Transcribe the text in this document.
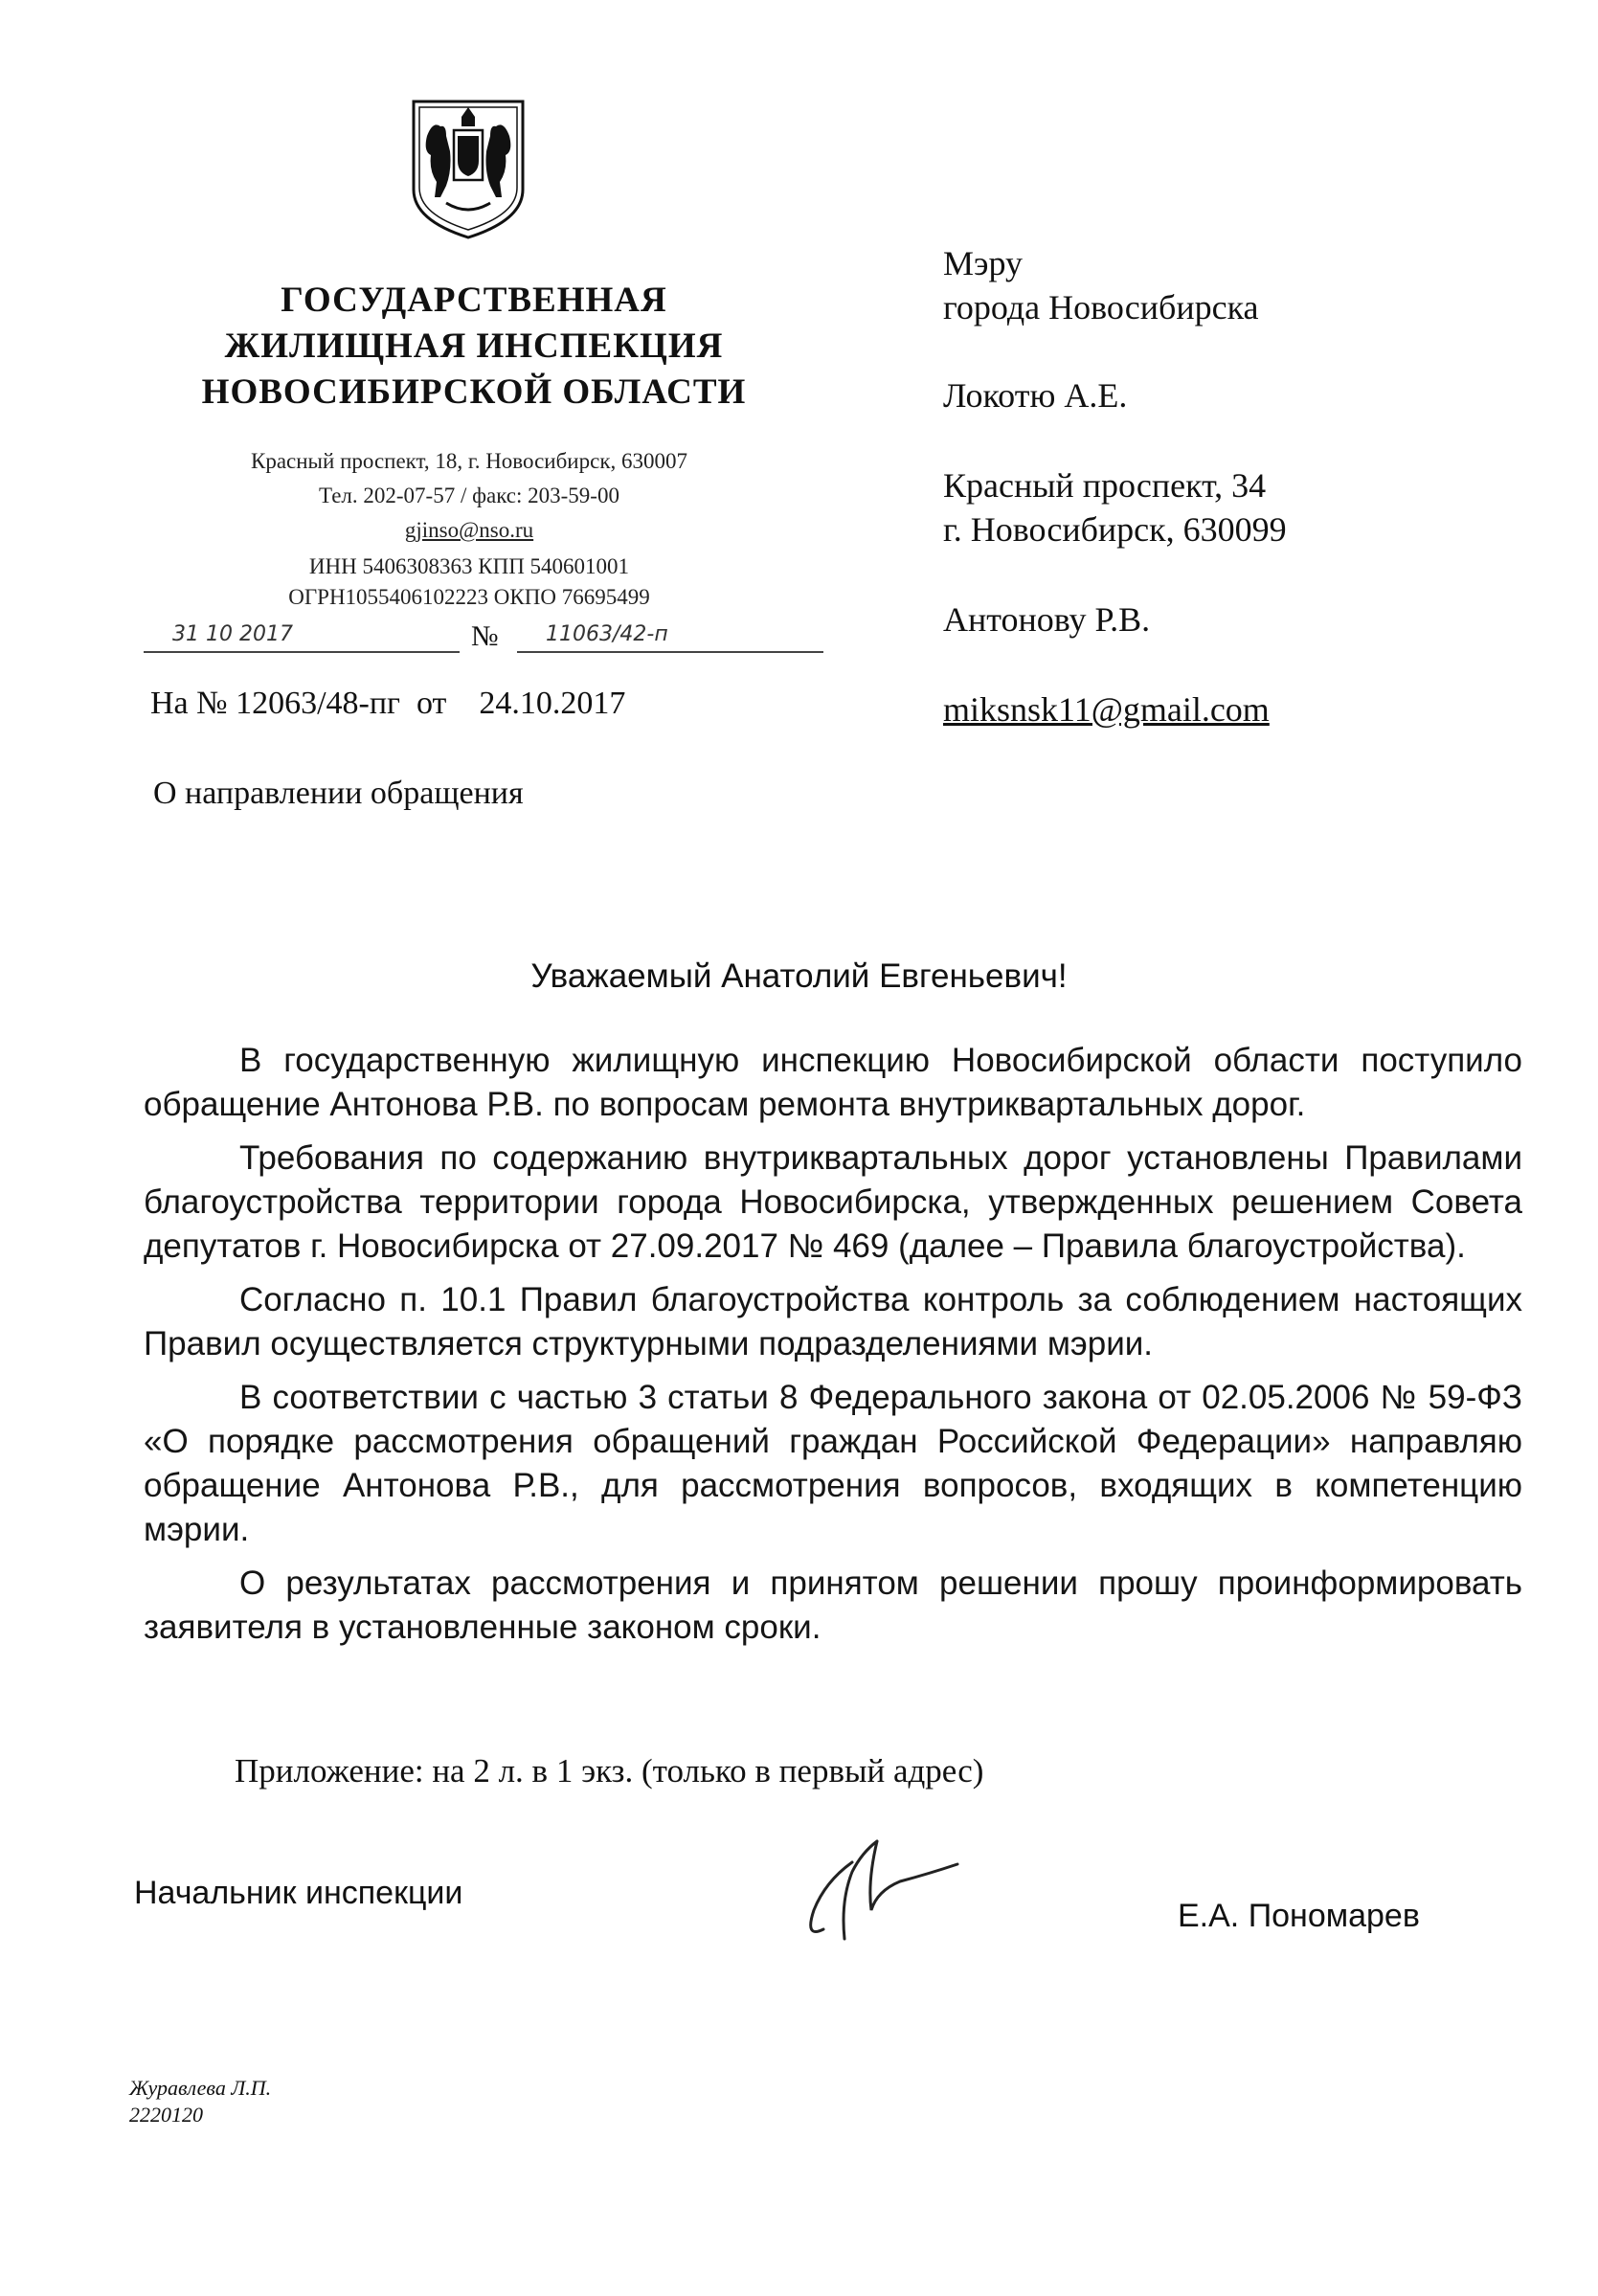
ГОСУДАРСТВЕННАЯ
ЖИЛИЩНАЯ ИНСПЕКЦИЯ
НОВОСИБИРСКОЙ ОБЛАСТИ
Красный проспект, 18, г. Новосибирск, 630007
Тел. 202-07-57 / факс: 203-59-00
gjinso@nso.ru
ИНН 5406308363 КПП 540601001
ОГРН1055406102223 ОКПО 76695499
31 10 2017	№ 11063/42-п
На № 12063/48-пг  от    24.10.2017
О направлении обращения
Мэру
города Новосибирска
Локотю А.Е.
Красный проспект, 34
г. Новосибирск, 630099
Антонову Р.В.
miksnsk11@gmail.com
Уважаемый Анатолий Евгеньевич!

В государственную жилищную инспекцию Новосибирской области поступило обращение Антонова Р.В. по вопросам ремонта внутриквартальных дорог.

Требования по содержанию внутриквартальных дорог установлены Правилами благоустройства территории города Новосибирска, утвержденных решением Совета депутатов г. Новосибирска от 27.09.2017 № 469 (далее – Правила благоустройства).

Согласно п. 10.1 Правил благоустройства контроль за соблюдением настоящих Правил осуществляется структурными подразделениями мэрии.

В соответствии с частью 3 статьи 8 Федерального закона от 02.05.2006 № 59-ФЗ «О порядке рассмотрения обращений граждан Российской Федерации» направляю обращение Антонова Р.В., для рассмотрения вопросов, входящих в компетенцию мэрии.

О результатах рассмотрения и принятом решении прошу проинформировать заявителя в установленные законом сроки.

Приложение: на 2 л. в 1 экз. (только в первый адрес)
Начальник инспекции
Е.А. Пономарев
Журавлева Л.П.
2220120
